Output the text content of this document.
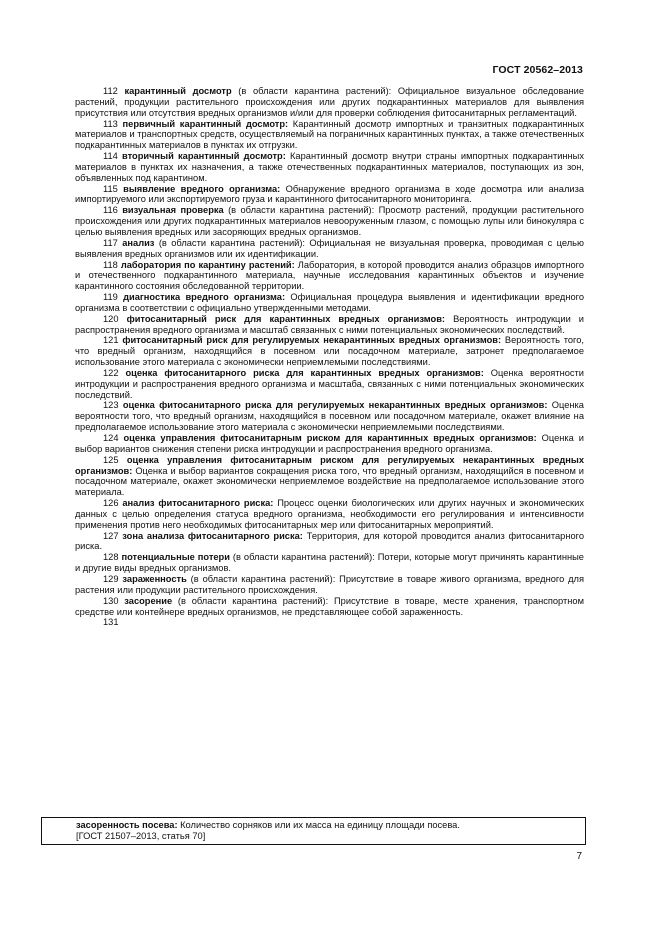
ГОСТ 20562–2013

112 карантинный досмотр (в области карантина растений): Официальное визуальное обследование растений, продукции растительного происхождения или других подкарантинных материалов для выявления присутствия или отсутствия вредных организмов и/или для проверки соблюдения фитосанитарных регламентаций.

113 первичный карантинный досмотр: Карантинный досмотр импортных и транзитных подкарантинных материалов и транспортных средств, осуществляемый на пограничных карантинных пунктах, а также отечественных подкарантинных материалов в пунктах их отгрузки.

114 вторичный карантинный досмотр: Карантинный досмотр внутри страны импортных подкарантинных материалов в пунктах их назначения, а также отечественных подкарантинных материалов, поступающих из зон, объявленных под карантином.

115 выявление вредного организма: Обнаружение вредного организма в ходе досмотра или анализа импортируемого или экспортируемого груза и карантинного фитосанитарного мониторинга.

116 визуальная проверка (в области карантина растений): Просмотр растений, продукции растительного происхождения или других подкарантинных материалов невооруженным глазом, с помощью лупы или бинокуляра с целью выявления вредных или засоряющих вредных организмов.

117 анализ (в области карантина растений): Официальная не визуальная проверка, проводимая с целью выявления вредных организмов или их идентификации.

118 лаборатория по карантину растений: Лаборатория, в которой проводится анализ образцов импортного и отечественного подкарантинного материала, научные исследования карантинных объектов и изучение карантинного состояния обследованной территории.

119 диагностика вредного организма: Официальная процедура выявления и идентификации вредного организма в соответствии с официально утвержденными методами.

120 фитосанитарный риск для карантинных вредных организмов: Вероятность интродукции и распространения вредного организма и масштаб связанных с ними потенциальных экономических последствий.

121 фитосанитарный риск для регулируемых некарантинных вредных организмов: Вероятность того, что вредный организм, находящийся в посевном или посадочном материале, затронет предполагаемое использование этого материала с экономически неприемлемыми последствиями.

122 оценка фитосанитарного риска для карантинных вредных организмов: Оценка вероятности интродукции и распространения вредного организма и масштаба, связанных с ними потенциальных экономических последствий.

123 оценка фитосанитарного риска для регулируемых некарантинных вредных организмов: Оценка вероятности того, что вредный организм, находящийся в посевном или посадочном материале, окажет влияние на предполагаемое использование этого материала с экономически неприемлемыми последствиями.

124 оценка управления фитосанитарным риском для карантинных вредных организмов: Оценка и выбор вариантов снижения степени риска интродукции и распространения вредного организма.

125 оценка управления фитосанитарным риском для регулируемых некарантинных вредных организмов: Оценка и выбор вариантов сокращения риска того, что вредный организм, находящийся в посевном и посадочном материале, окажет экономически неприемлемое воздействие на предполагаемое использование этого материала.

126 анализ фитосанитарного риска: Процесс оценки биологических или других научных и экономических данных с целью определения статуса вредного организма, необходимости его регулирования и интенсивности применения против него необходимых фитосанитарных мер или фитосанитарных мероприятий.

127 зона анализа фитосанитарного риска: Территория, для которой проводится анализ фитосанитарного риска.

128 потенциальные потери (в области карантина растений): Потери, которые могут причинять карантинные и другие виды вредных организмов.

129 зараженность (в области карантина растений): Присутствие в товаре живого организма, вредного для растения или продукции растительного происхождения.

130 засорение (в области карантина растений): Присутствие в товаре, месте хранения, транспортном средстве или контейнере вредных организмов, не представляющее собой зараженность.

131

засоренность посева: Количество сорняков или их масса на единицу площади посева.
[ГОСТ 21507–2013, статья 70]
7
